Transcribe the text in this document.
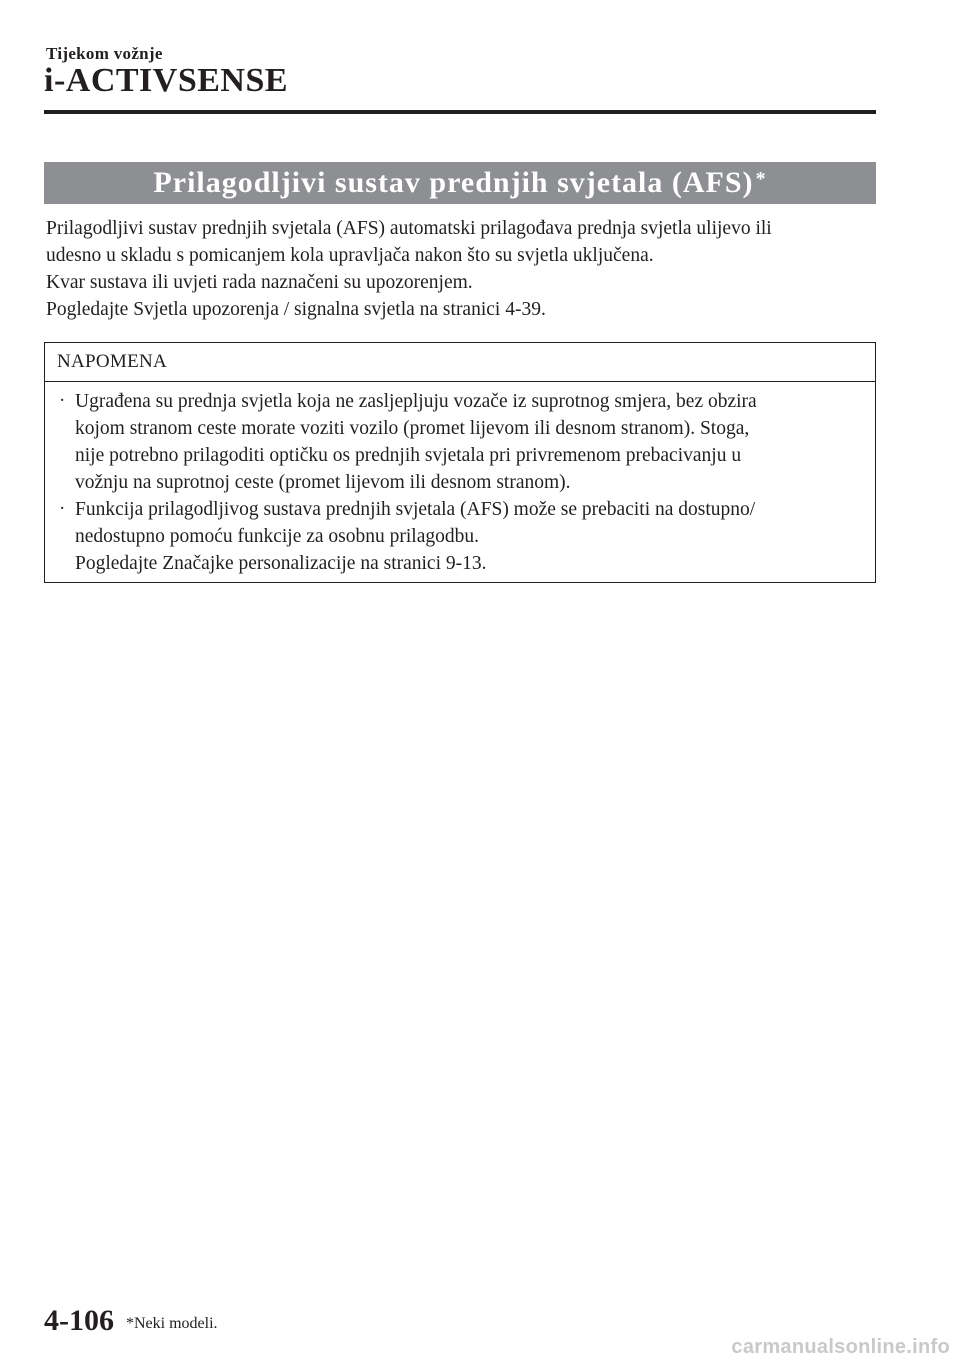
Tijekom vožnje
i-ACTIVSENSE
Prilagodljivi sustav prednjih svjetala (AFS)*

Prilagodljivi sustav prednjih svjetala (AFS) automatski prilagođava prednja svjetla ulijevo ili

udesno u skladu s pomicanjem kola upravljača nakon što su svjetla uključena.

Kvar sustava ili uvjeti rada naznačeni su upozorenjem.

Pogledajte Svjetla upozorenja / signalna svjetla na stranici 4-39.

NAPOMENA
· Ugrađena su prednja svjetla koja ne zasljepljuju vozače iz suprotnog smjera, bez obzira
kojom stranom ceste morate voziti vozilo (promet lijevom ili desnom stranom). Stoga,
nije potrebno prilagoditi optičku os prednjih svjetala pri privremenom prebacivanju u
vožnju na suprotnoj ceste (promet lijevom ili desnom stranom).
· Funkcija prilagodljivog sustava prednjih svjetala (AFS) može se prebaciti na dostupno/
nedostupno pomoću funkcije za osobnu prilagodbu.
Pogledajte Značajke personalizacije na stranici 9-13.
4-106 *Neki modeli.
carmanualsonline.info
